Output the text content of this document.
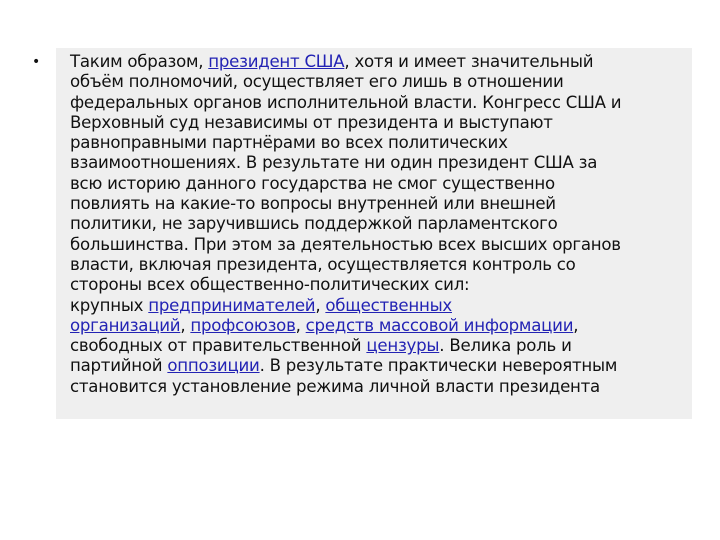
• Таким образом, президент США, хотя и имеет значительный
объём полномочий, осуществляет его лишь в отношении
федеральных органов исполнительной власти. Конгресс США и
Верховный суд независимы от президента и выступают
равноправными партнёрами во всех политических
взаимоотношениях. В результате ни один президент США за
всю историю данного государства не смог существенно
повлиять на какие-то вопросы внутренней или внешней
политики, не заручившись поддержкой парламентского
большинства. При этом за деятельностью всех высших органов
власти, включая президента, осуществляется контроль со
стороны всех общественно-политических сил:
крупных предпринимателей, общественных
организаций, профсоюзов, средств массовой информации,
свободных от правительственной цензуры. Велика роль и
партийной оппозиции. В результате практически невероятным
становится установление режима личной власти президента
